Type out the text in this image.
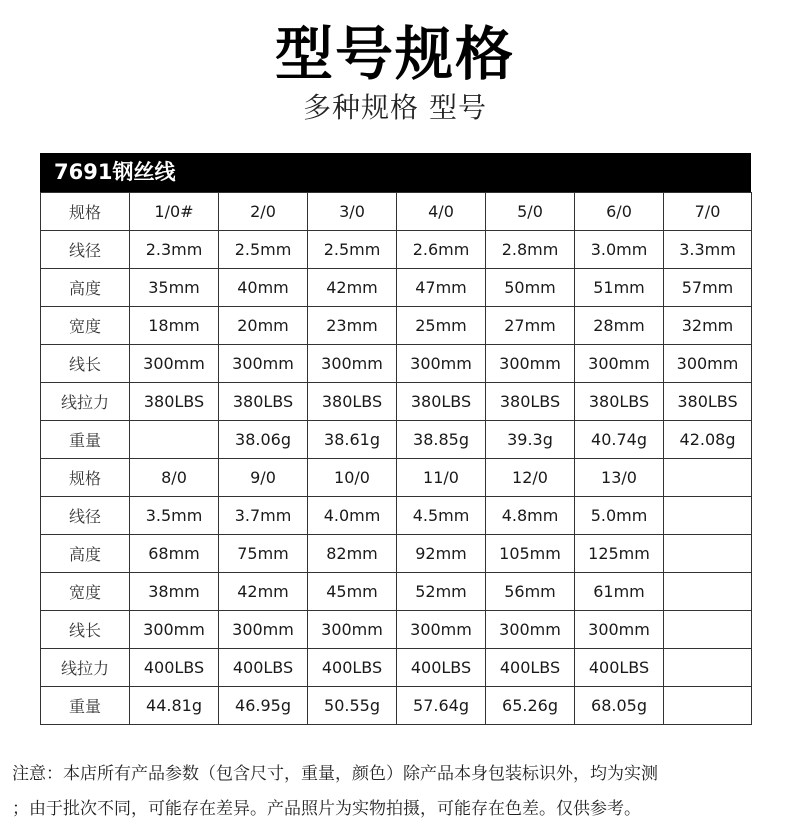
型号规格
多种规格 型号
7691钢丝线
规格	1/0#	2/0	3/0	4/0	5/0	6/0	7/0
线径	2.3mm	2.5mm	2.5mm	2.6mm	2.8mm	3.0mm	3.3mm
高度	35mm	40mm	42mm	47mm	50mm	51mm	57mm
宽度	18mm	20mm	23mm	25mm	27mm	28mm	32mm
线长	300mm	300mm	300mm	300mm	300mm	300mm	300mm
线拉力	380LBS	380LBS	380LBS	380LBS	380LBS	380LBS	380LBS
重量		38.06g	38.61g	38.85g	39.3g	40.74g	42.08g
规格	8/0	9/0	10/0	11/0	12/0	13/0	
线径	3.5mm	3.7mm	4.0mm	4.5mm	4.8mm	5.0mm	
高度	68mm	75mm	82mm	92mm	105mm	125mm	
宽度	38mm	42mm	45mm	52mm	56mm	61mm	
线长	300mm	300mm	300mm	300mm	300mm	300mm	
线拉力	400LBS	400LBS	400LBS	400LBS	400LBS	400LBS	
重量	44.81g	46.95g	50.55g	57.64g	65.26g	68.05g	
注意：本店所有产品参数（包含尺寸，重量，颜色）除产品本身包装标识外，均为实测
；由于批次不同，可能存在差异。产品照片为实物拍摄，可能存在色差。仅供参考。
